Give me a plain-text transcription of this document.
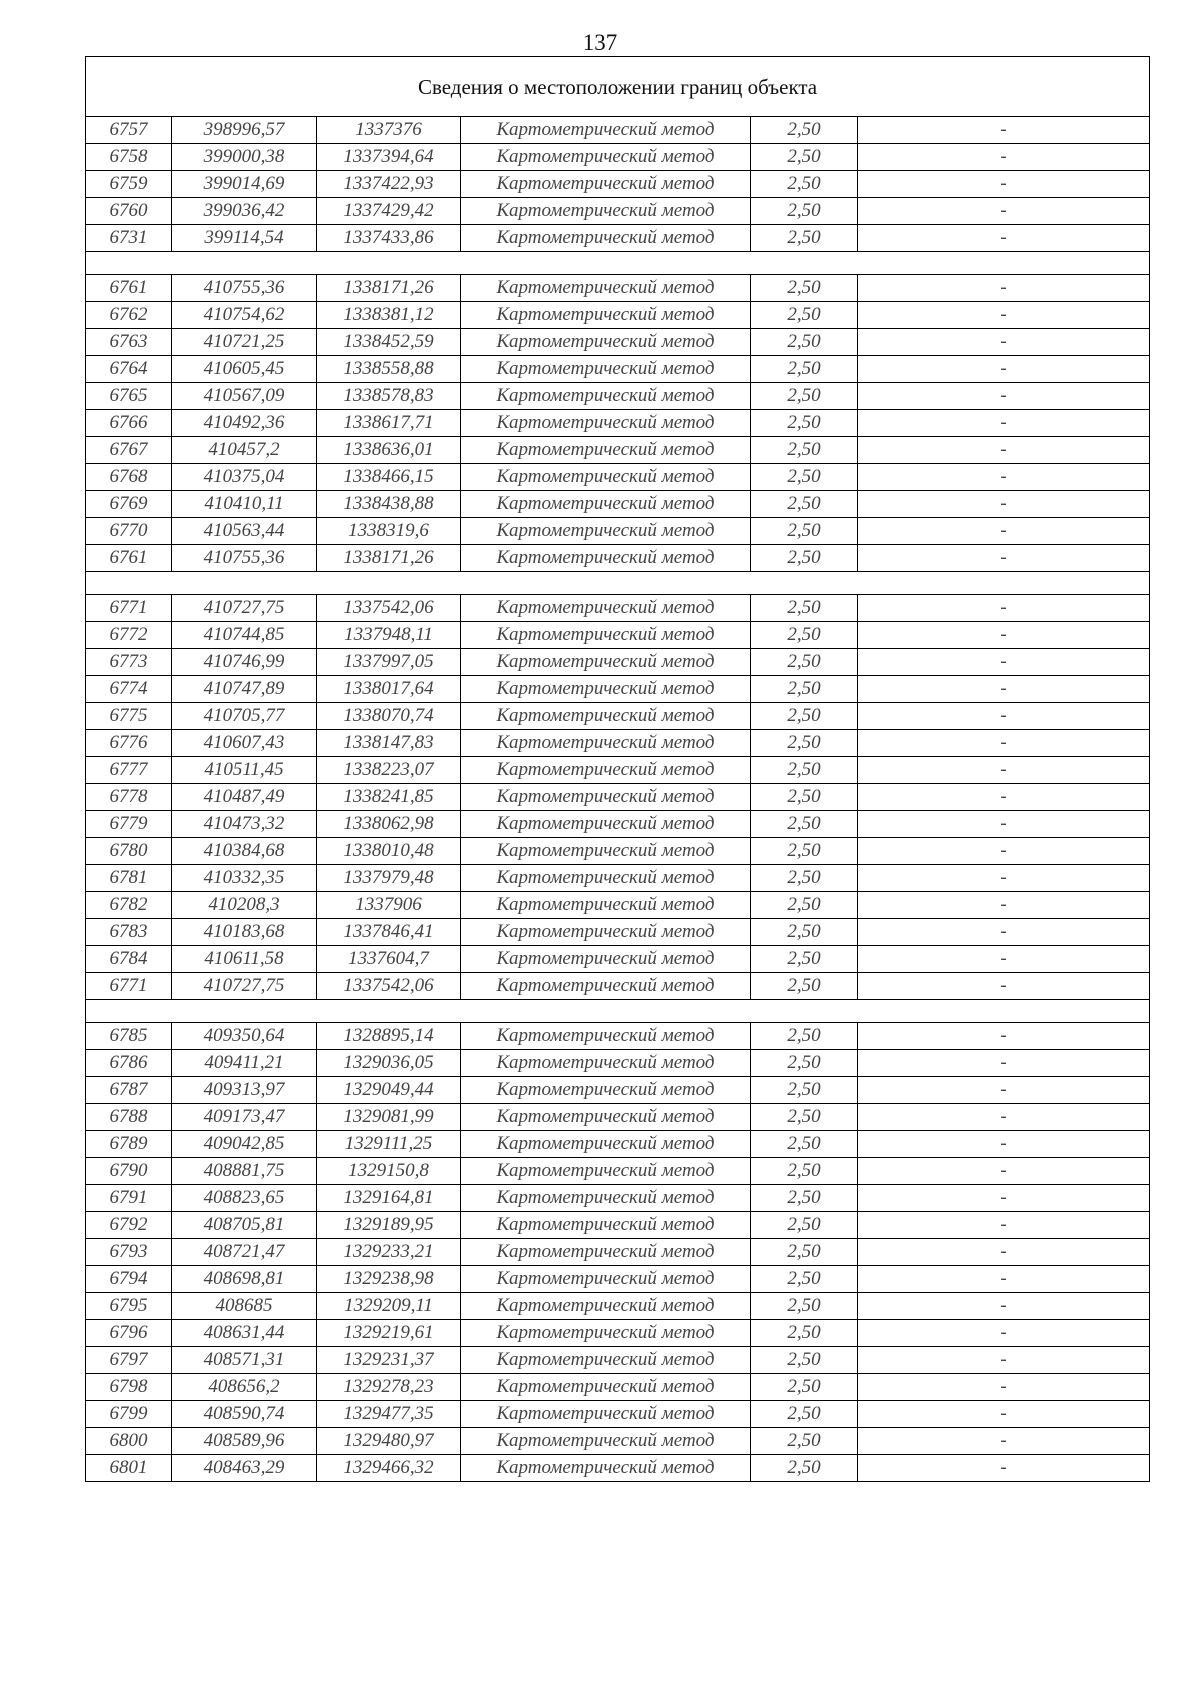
137
Сведения о местоположении границ объекта					
6757	398996,57	1337376	Картометрический метод	2,50	-
6758	399000,38	1337394,64	Картометрический метод	2,50	-
6759	399014,69	1337422,93	Картометрический метод	2,50	-
6760	399036,42	1337429,42	Картометрический метод	2,50	-
6731	399114,54	1337433,86	Картометрический метод	2,50	-

6761	410755,36	1338171,26	Картометрический метод	2,50	-
6762	410754,62	1338381,12	Картометрический метод	2,50	-
6763	410721,25	1338452,59	Картометрический метод	2,50	-
6764	410605,45	1338558,88	Картометрический метод	2,50	-
6765	410567,09	1338578,83	Картометрический метод	2,50	-
6766	410492,36	1338617,71	Картометрический метод	2,50	-
6767	410457,2	1338636,01	Картометрический метод	2,50	-
6768	410375,04	1338466,15	Картометрический метод	2,50	-
6769	410410,11	1338438,88	Картометрический метод	2,50	-
6770	410563,44	1338319,6	Картометрический метод	2,50	-
6761	410755,36	1338171,26	Картометрический метод	2,50	-

6771	410727,75	1337542,06	Картометрический метод	2,50	-
6772	410744,85	1337948,11	Картометрический метод	2,50	-
6773	410746,99	1337997,05	Картометрический метод	2,50	-
6774	410747,89	1338017,64	Картометрический метод	2,50	-
6775	410705,77	1338070,74	Картометрический метод	2,50	-
6776	410607,43	1338147,83	Картометрический метод	2,50	-
6777	410511,45	1338223,07	Картометрический метод	2,50	-
6778	410487,49	1338241,85	Картометрический метод	2,50	-
6779	410473,32	1338062,98	Картометрический метод	2,50	-
6780	410384,68	1338010,48	Картометрический метод	2,50	-
6781	410332,35	1337979,48	Картометрический метод	2,50	-
6782	410208,3	1337906	Картометрический метод	2,50	-
6783	410183,68	1337846,41	Картометрический метод	2,50	-
6784	410611,58	1337604,7	Картометрический метод	2,50	-
6771	410727,75	1337542,06	Картометрический метод	2,50	-

6785	409350,64	1328895,14	Картометрический метод	2,50	-
6786	409411,21	1329036,05	Картометрический метод	2,50	-
6787	409313,97	1329049,44	Картометрический метод	2,50	-
6788	409173,47	1329081,99	Картометрический метод	2,50	-
6789	409042,85	1329111,25	Картометрический метод	2,50	-
6790	408881,75	1329150,8	Картометрический метод	2,50	-
6791	408823,65	1329164,81	Картометрический метод	2,50	-
6792	408705,81	1329189,95	Картометрический метод	2,50	-
6793	408721,47	1329233,21	Картометрический метод	2,50	-
6794	408698,81	1329238,98	Картометрический метод	2,50	-
6795	408685	1329209,11	Картометрический метод	2,50	-
6796	408631,44	1329219,61	Картометрический метод	2,50	-
6797	408571,31	1329231,37	Картометрический метод	2,50	-
6798	408656,2	1329278,23	Картометрический метод	2,50	-
6799	408590,74	1329477,35	Картометрический метод	2,50	-
6800	408589,96	1329480,97	Картометрический метод	2,50	-
6801	408463,29	1329466,32	Картометрический метод	2,50	-
